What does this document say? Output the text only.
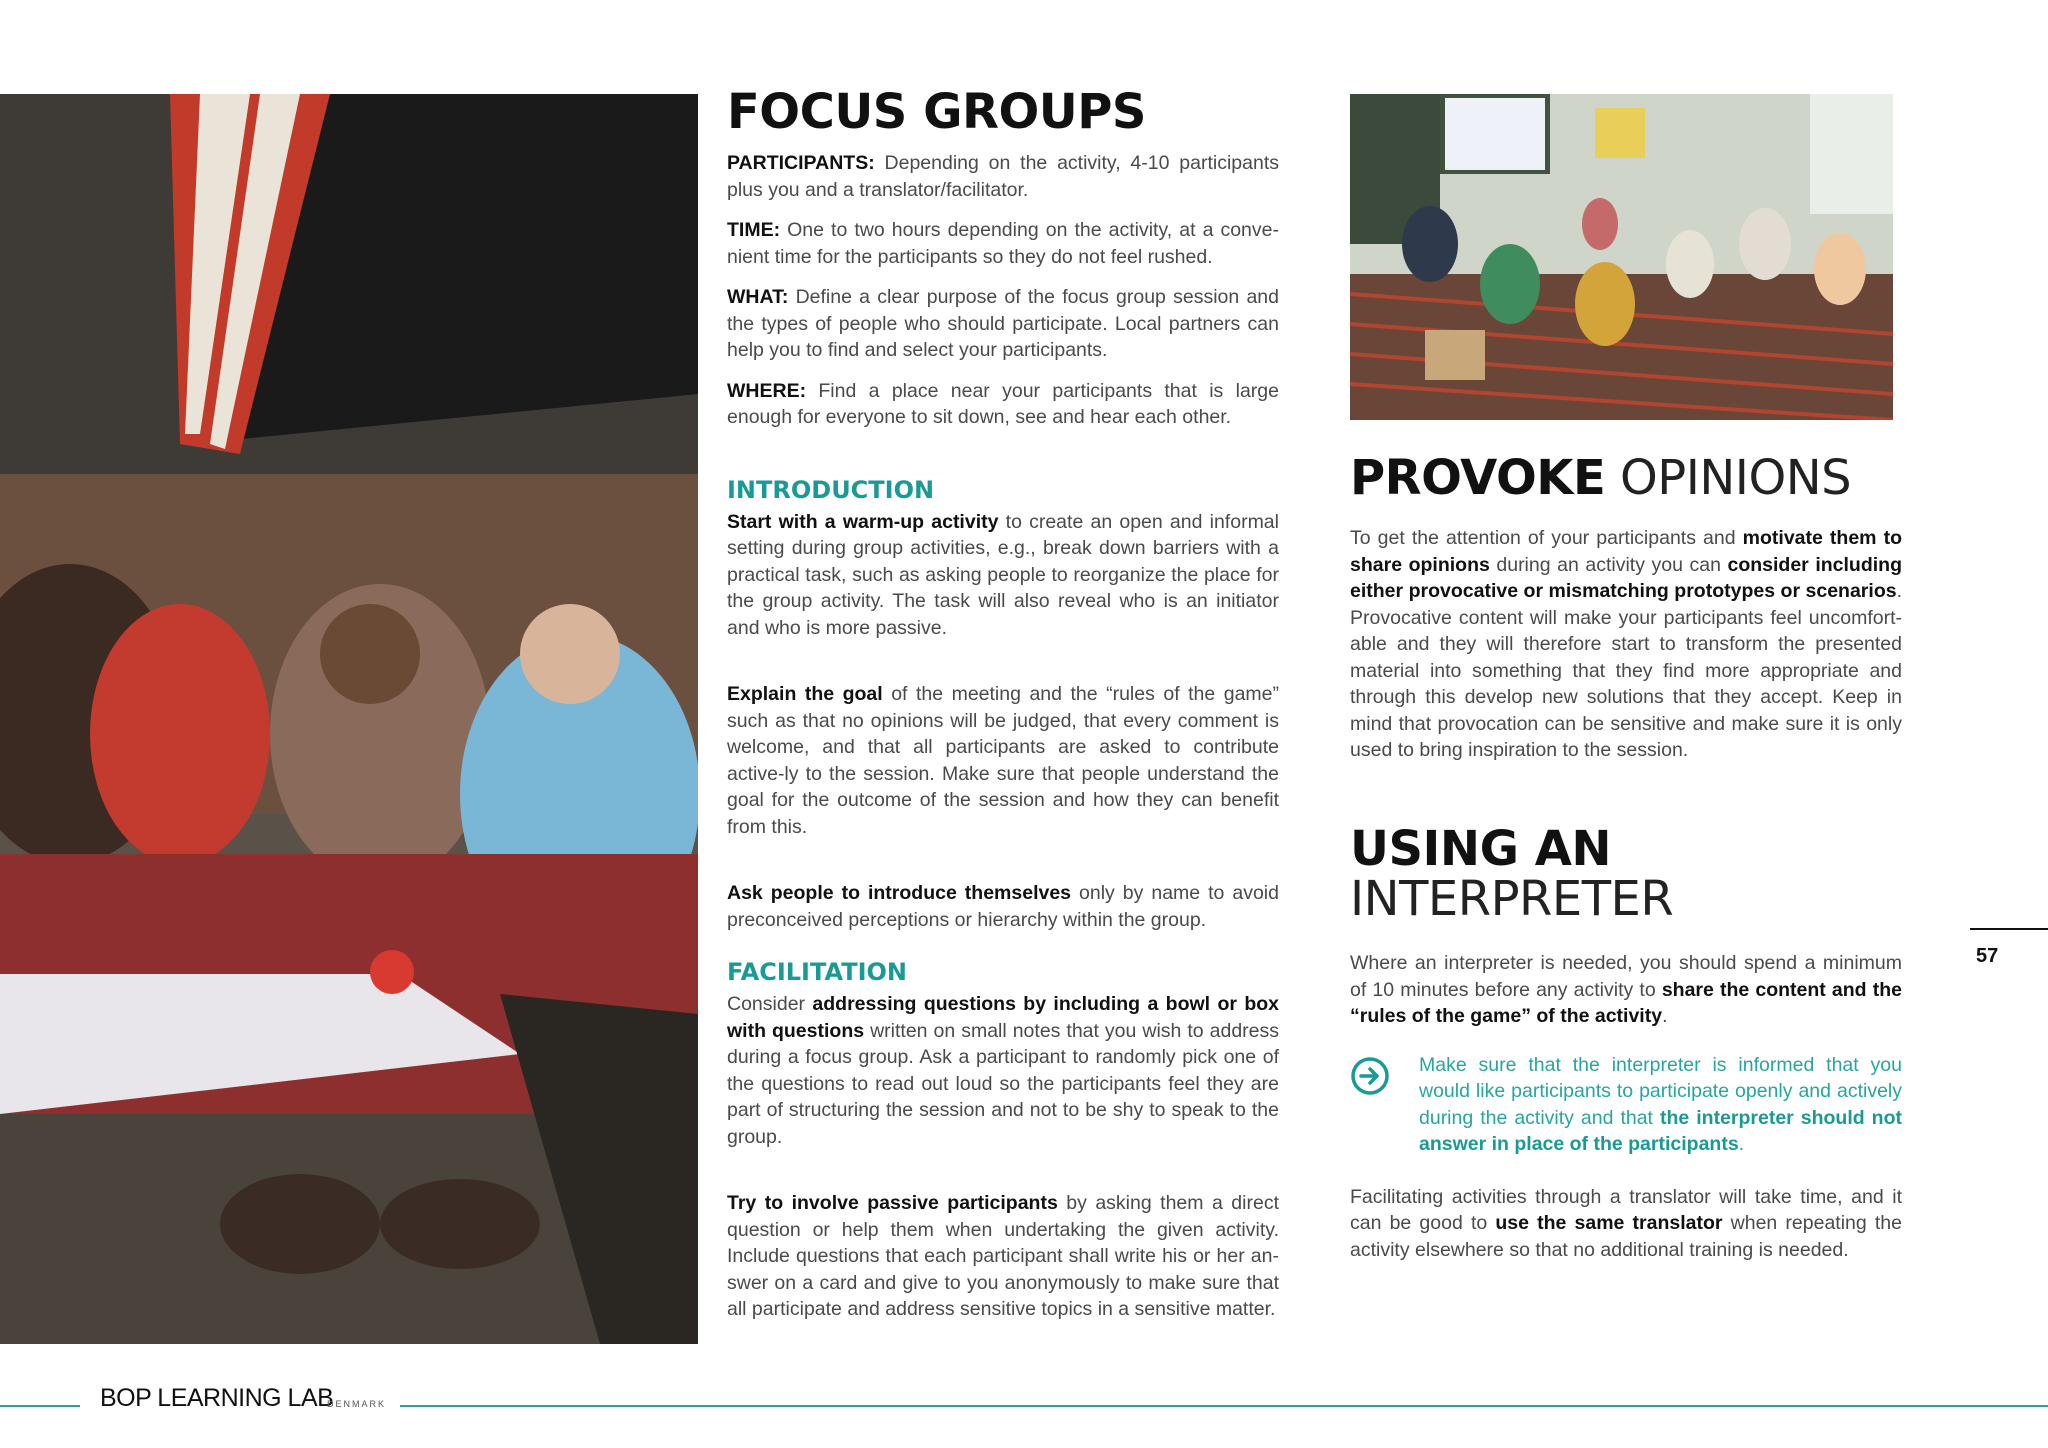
FOCUS GROUPS

PARTICIPANTS: Depending on the activity, 4-10 participants plus you and a translator/facilitator.

TIME: One to two hours depending on the activity, at a conve-nient time for the participants so they do not feel rushed.

WHAT: Define a clear purpose of the focus group session and the types of people who should participate. Local partners can help you to find and select your participants.

WHERE: Find a place near your participants that is large enough for everyone to sit down, see and hear each other.

INTRODUCTION

Start with a warm-up activity to create an open and informal setting during group activities, e.g., break down barriers with a practical task, such as asking people to reorganize the place for the group activity. The task will also reveal who is an initiator and who is more passive.

Explain the goal of the meeting and the “rules of the game” such as that no opinions will be judged, that every comment is welcome, and that all participants are asked to contribute active-ly to the session. Make sure that people understand the goal for the outcome of the session and how they can benefit from this.

Ask people to introduce themselves only by name to avoid preconceived perceptions or hierarchy within the group.

FACILITATION

Consider addressing questions by including a bowl or box with questions written on small notes that you wish to address during a focus group. Ask a participant to randomly pick one of the questions to read out loud so the participants feel they are part of structuring the session and not to be shy to speak to the group.

Try to involve passive participants by asking them a direct question or help them when undertaking the given activity. Include questions that each participant shall write his or her an-swer on a card and give to you anonymously to make sure that all participate and address sensitive topics in a sensitive matter.

PROVOKE OPINIONS
USING AN
INTERPRETER

To get the attention of your participants and motivate them to share opinions during an activity you can consider including either provocative or mismatching prototypes or scenarios. Provocative content will make your participants feel uncomfort-able and they will therefore start to transform the presented material into something that they find more appropriate and through this develop new solutions that they accept. Keep in mind that provocation can be sensitive and make sure it is only used to bring inspiration to the session.

Where an interpreter is needed, you should spend a minimum of 10 minutes before any activity to share the content and the “rules of the game” of the activity.

Make sure that the interpreter is informed that you would like participants to participate openly and actively during the activity and that the interpreter should not answer in place of the participants.

Facilitating activities through a translator will take time, and it can be good to use the same translator when repeating the activity elsewhere so that no additional training is needed.

57
BOP LEARNING LAB
DENMARK
